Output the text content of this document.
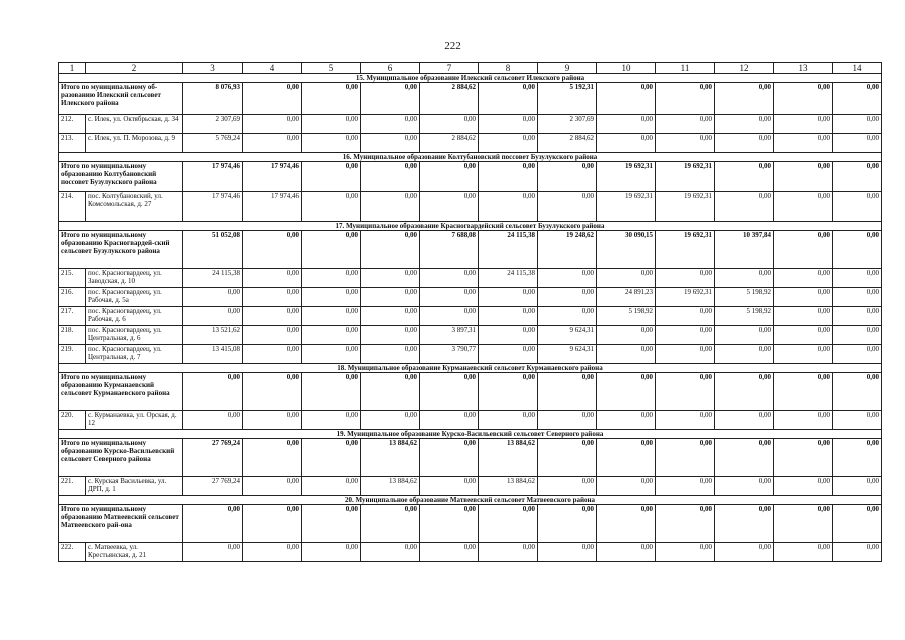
222
1	2	3	4	5	6	7	8	9	10	11	12	13	14
15. Муниципальное образование Илекский сельсовет Илекского района													
Итого по муниципальному об-разованию Илекский сельсовет Илекского района		8 076,93	0,00	0,00	0,00	2 884,62	0,00	5 192,31	0,00	0,00	0,00	0,00	0,00
212.	с. Илек, ул. Октябрьская, д. 34	2 307,69	0,00	0,00	0,00	0,00	0,00	2 307,69	0,00	0,00	0,00	0,00	0,00
213.	с. Илек, ул. П. Морозова, д. 9	5 769,24	0,00	0,00	0,00	2 884,62	0,00	2 884,62	0,00	0,00	0,00	0,00	0,00
16. Муниципальное образование Колтубановский поссовет Бузулукского района													
Итого по муниципальному образованию Колтубановский поссовет Бузулукского района		17 974,46	17 974,46	0,00	0,00	0,00	0,00	0,00	19 692,31	19 692,31	0,00	0,00	0,00
214.	пос. Колтубановский, ул. Комсомольская, д. 27	17 974,46	17 974,46	0,00	0,00	0,00	0,00	0,00	19 692,31	19 692,31	0,00	0,00	0,00
17. Муниципальное образование Красногвардейский сельсовет Бузулукского района													
Итого по муниципальному образованию Красногвардей-ский сельсовет Бузулукского района		51 052,08	0,00	0,00	0,00	7 688,08	24 115,38	19 248,62	30 090,15	19 692,31	10 397,84	0,00	0,00
215.	пос. Красногвардеец, ул. Заводская, д. 10	24 115,38	0,00	0,00	0,00	0,00	24 115,38	0,00	0,00	0,00	0,00	0,00	0,00
216.	пос. Красногвардеец, ул. Рабочая, д. 5а	0,00	0,00	0,00	0,00	0,00	0,00	0,00	24 891,23	19 692,31	5 198,92	0,00	0,00
217.	пос. Красногвардеец, ул. Рабочая, д. 6	0,00	0,00	0,00	0,00	0,00	0,00	0,00	5 198,92	0,00	5 198,92	0,00	0,00
218.	пос. Красногвардеец, ул. Центральная, д. 6	13 521,62	0,00	0,00	0,00	3 897,31	0,00	9 624,31	0,00	0,00	0,00	0,00	0,00
219.	пос. Красногвардеец, ул. Центральная, д. 7	13 415,08	0,00	0,00	0,00	3 790,77	0,00	9 624,31	0,00	0,00	0,00	0,00	0,00
18. Муниципальное образование Курманаевский сельсовет Курманаевского района													
Итого по муниципальному образованию Курманаевский сельсовет Курманаевского района		0,00	0,00	0,00	0,00	0,00	0,00	0,00	0,00	0,00	0,00	0,00	0,00
220.	с. Курманаевка, ул. Орская, д. 12	0,00	0,00	0,00	0,00	0,00	0,00	0,00	0,00	0,00	0,00	0,00	0,00
19. Муниципальное образование Курско-Васильевский сельсовет Северного района													
Итого по муниципальному образованию Курско-Васильевский сельсовет Северного района		27 769,24	0,00	0,00	13 884,62	0,00	13 884,62	0,00	0,00	0,00	0,00	0,00	0,00
221.	с. Курская Васильевка, ул. ДРП, д. 1	27 769,24	0,00	0,00	13 884,62	0,00	13 884,62	0,00	0,00	0,00	0,00	0,00	0,00
20. Муниципальное образование Матвеевский сельсовет Матвеевского района													
Итого по муниципальному образованию Матвеевский сельсовет Матвеевского рай-она		0,00	0,00	0,00	0,00	0,00	0,00	0,00	0,00	0,00	0,00	0,00	0,00
222.	с. Матвеевка, ул. Крестьянская, д. 21	0,00	0,00	0,00	0,00	0,00	0,00	0,00	0,00	0,00	0,00	0,00	0,00
